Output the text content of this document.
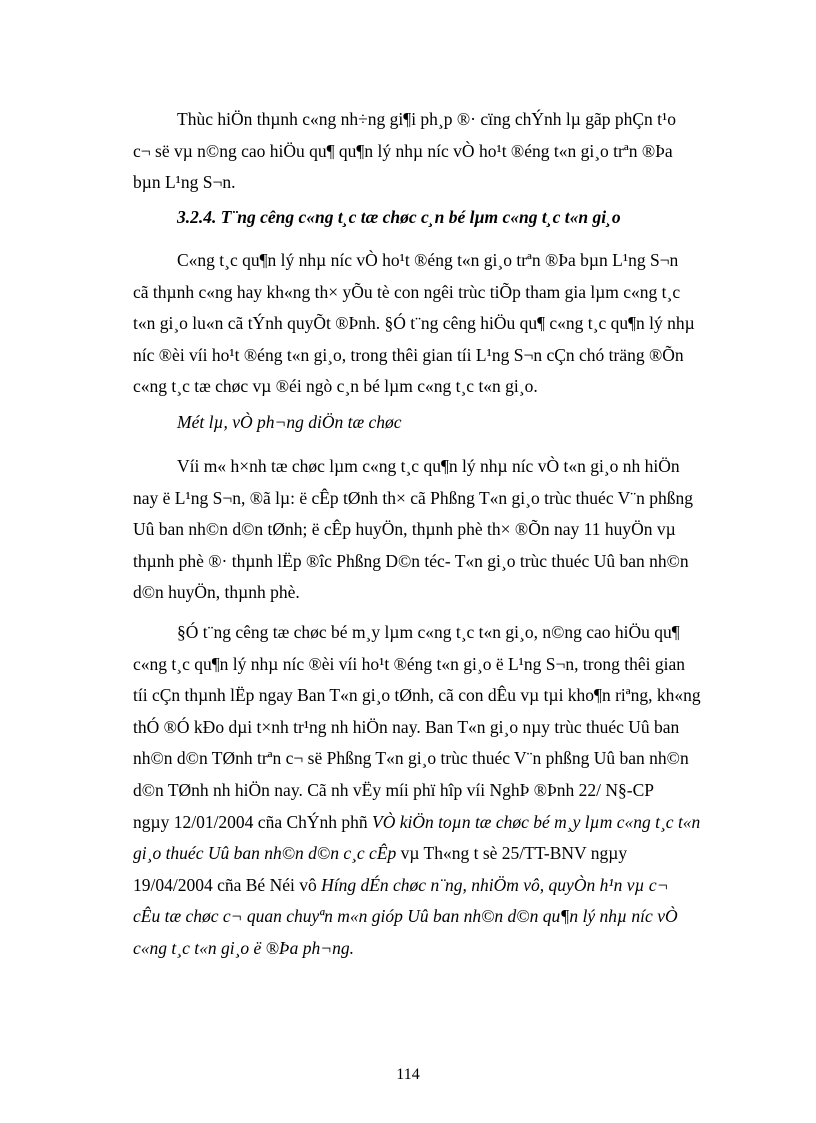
Thùc hiÖn thµnh c«ng nh÷ng gi¶i ph¸p ®· cïng chÝnh lµ gãp phÇn t¹o
c¬ së vµ n©ng cao hiÖu qu¶ qu¶n lý nhµ níc vÒ ho¹t ®éng t«n gi¸o trªn ®Þa
bµn L¹ng S¬n.

3.2.4. T¨ng cêng c«ng t¸c tæ chøc c¸n bé lµm c«ng t¸c t«n gi¸o

C«ng t¸c qu¶n lý nhµ níc vÒ ho¹t ®éng t«n gi¸o trªn ®Þa bµn L¹ng S¬n
cã thµnh c«ng hay kh«ng th× yÕu tè con ngêi trùc tiÕp tham gia lµm c«ng t¸c
t«n gi¸o lu«n cã tÝnh quyÕt ®Þnh. §Ó t¨ng cêng hiÖu qu¶ c«ng t¸c qu¶n lý nhµ
níc ®èi víi ho¹t ®éng t«n gi¸o, trong thêi gian tíi L¹ng S¬n cÇn chó träng ®Õn
c«ng t¸c tæ chøc vµ ®éi ngò c¸n bé lµm c«ng t¸c t«n gi¸o.

Mét lµ, vÒ ph¬ng diÖn tæ chøc

Víi m« h×nh tæ chøc lµm c«ng t¸c qu¶n lý nhµ níc vÒ t«n gi¸o nh hiÖn
nay ë L¹ng S¬n, ®ã lµ: ë cÊp tØnh th× cã Phßng T«n gi¸o trùc thuéc V¨n phßng
Uû ban nh©n d©n tØnh; ë cÊp huyÖn, thµnh phè th× ®Õn nay 11 huyÖn vµ
thµnh phè ®· thµnh lËp ®îc Phßng D©n téc- T«n gi¸o trùc thuéc Uû ban nh©n
d©n huyÖn, thµnh phè.

§Ó t¨ng cêng tæ chøc bé m¸y lµm c«ng t¸c t«n gi¸o, n©ng cao hiÖu qu¶
c«ng t¸c qu¶n lý nhµ níc ®èi víi ho¹t ®éng t«n gi¸o ë L¹ng S¬n, trong thêi gian
tíi cÇn thµnh lËp ngay Ban T«n gi¸o tØnh, cã con dÊu vµ tµi kho¶n riªng, kh«ng
thÓ ®Ó kÐo dµi t×nh tr¹ng nh hiÖn nay. Ban T«n gi¸o nµy trùc thuéc Uû ban
nh©n d©n TØnh trªn c¬ së Phßng T«n gi¸o trùc thuéc V¨n phßng Uû ban nh©n
d©n TØnh nh hiÖn nay. Cã nh vËy míi phï hîp víi NghÞ ®Þnh 22/ N§-CP
ngµy 12/01/2004 cña ChÝnh phñ VÒ kiÖn toµn tæ chøc bé m¸y lµm c«ng t¸c t«n
gi¸o thuéc Uû ban nh©n d©n c¸c cÊp vµ Th«ng t sè 25/TT-BNV ngµy
19/04/2004 cña Bé Néi vô Híng dÉn chøc n¨ng, nhiÖm vô, quyÒn h¹n vµ c¬
cÊu tæ chøc c¬ quan chuyªn m«n gióp Uû ban nh©n d©n qu¶n lý nhµ níc vÒ
c«ng t¸c t«n gi¸o ë ®Þa ph¬ng.

114
